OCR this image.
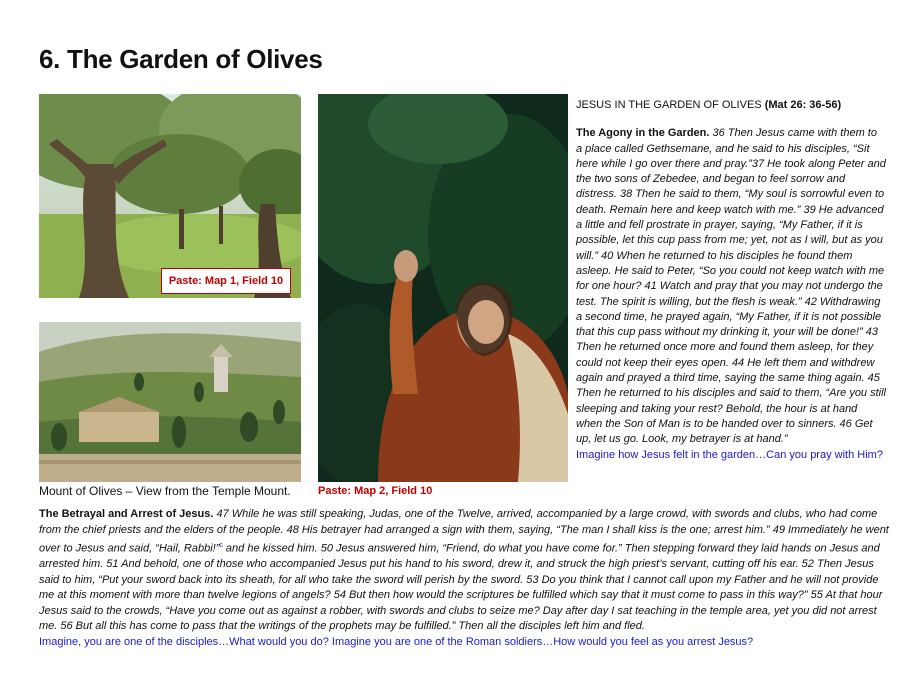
6. The Garden of Olives
Paste: Map 1, Field 10
Mount of Olives – View from the Temple Mount. Paste: Map 2, Field 10

JESUS IN THE GARDEN OF OLIVES (Mat 26: 36-56)

The Agony in the Garden. 36 Then Jesus came with them to a place called Gethsemane, and he said to his disciples, “Sit here while I go over there and pray.”37 He took along Peter and the two sons of Zebedee, and began to feel sorrow and distress. 38 Then he said to them, “My soul is sorrowful even to death. Remain here and keep watch with me.” 39 He advanced a little and fell prostrate in prayer, saying, “My Father, if it is possible, let this cup pass from me; yet, not as I will, but as you will.” 40 When he returned to his disciples he found them asleep. He said to Peter, “So you could not keep watch with me for one hour? 41 Watch and pray that you may not undergo the test. The spirit is willing, but the flesh is weak.” 42 Withdrawing a second time, he prayed again, “My Father, if it is not possible that this cup pass without my drinking it, your will be done!” 43 Then he returned once more and found them asleep, for they could not keep their eyes open. 44 He left them and withdrew again and prayed a third time, saying the same thing again. 45 Then he returned to his disciples and said to them, “Are you still sleeping and taking your rest? Behold, the hour is at hand when the Son of Man is to be handed over to sinners. 46 Get up, let us go. Look, my betrayer is at hand.”

Imagine how Jesus felt in the garden…Can you pray with Him?

The Betrayal and Arrest of Jesus. 47 While he was still speaking, Judas, one of the Twelve, arrived, accompanied by a large crowd, with swords and clubs, who had come from the chief priests and the elders of the people. 48 His betrayer had arranged a sign with them, saying, “The man I shall kiss is the one; arrest him.” 49 Immediately he went over to Jesus and said, “Hail, Rabbi!”$^c$ and he kissed him. 50 Jesus answered him, “Friend, do what you have come for.” Then stepping forward they laid hands on Jesus and arrested him. 51 And behold, one of those who accompanied Jesus put his hand to his sword, drew it, and struck the high priest’s servant, cutting off his ear. 52 Then Jesus said to him, “Put your sword back into its sheath, for all who take the sword will perish by the sword. 53 Do you think that I cannot call upon my Father and he will not provide me at this moment with more than twelve legions of angels? 54 But then how would the scriptures be fulfilled which say that it must come to pass in this way?” 55 At that hour Jesus said to the crowds, “Have you come out as against a robber, with swords and clubs to seize me? Day after day I sat teaching in the temple area, yet you did not arrest me. 56 But all this has come to pass that the writings of the prophets may be fulfilled.” Then all the disciples left him and fled.

Imagine, you are one of the disciples…What would you do? Imagine you are one of the Roman soldiers…How would you feel as you arrest Jesus?
